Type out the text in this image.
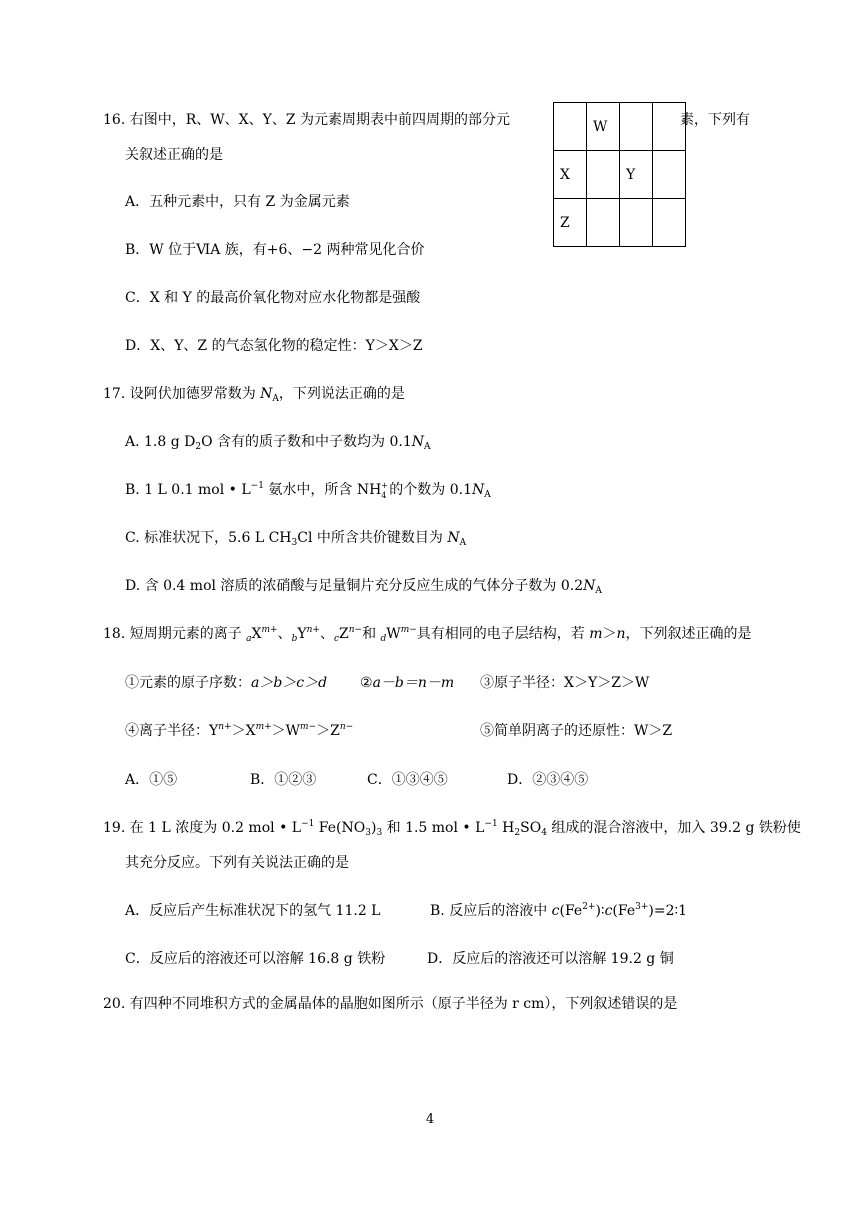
16. 右图中，R、W、X、Y、Z 为元素周期表中前四周期的部分元	素，下列有
关叙述正确的是
	W		
X		Y	
Z			
A．五种元素中，只有 Z 为金属元素
B．W 位于ⅥA 族，有+6、−2 两种常见化合价
C．X 和 Y 的最高价氧化物对应水化物都是强酸
D．X、Y、Z 的气态氢化物的稳定性：Y＞X＞Z
17. 设阿伏加德罗常数为 $N_A$，下列说法正确的是
A. 1.8 g $D_2O$ 含有的质子数和中子数均为 $0.1N_A$
B. 1 L 0.1 mol • $L^{-1}$ 氨水中，所含 NH +
4 的个数为 $0.1N_A$
C. 标准状况下，5.6 L $CH_3Cl$ 中所含共价键数目为 $N_A$
D. 含 0.4 mol 溶质的浓硝酸与足量铜片充分反应生成的气体分子数为 $0.2N_A$
18. 短周期元素的离子 $_aX^{m+}$、$_bY^{n+}$、$_cZ^{n-}$和 $_dW^{m-}$具有相同的电子层结构，若 m＞n，下列叙述正确的是
①元素的原子序数：a＞b＞c＞d ②a－b＝n－m ③原子半径：X＞Y＞Z＞W
④离子半径：$Y^{n+}>X^{m+}>W^{m-}>Z^{n-}$	⑤简单阴离子的还原性：W＞Z
A．①⑤	B．①②③	C．①③④⑤	D．②③④⑤
19. 在 1 L 浓度为 0.2 mol • $L^{-1}$ $Fe(NO_3)_3$ 和 1.5 mol • $L^{-1}$ $H_2SO_4$ 组成的混合溶液中，加入 39.2 g 铁粉使
其充分反应。下列有关说法正确的是
A．反应后产生标准状况下的氢气 11.2 L	B. 反应后的溶液中 $c(Fe^{2+})∶c(Fe^{3+})=2∶1$
C．反应后的溶液还可以溶解 16.8 g 铁粉	D．反应后的溶液还可以溶解 19.2 g 铜
20. 有四种不同堆积方式的金属晶体的晶胞如图所示（原子半径为 r cm），下列叙述错误的是
4
